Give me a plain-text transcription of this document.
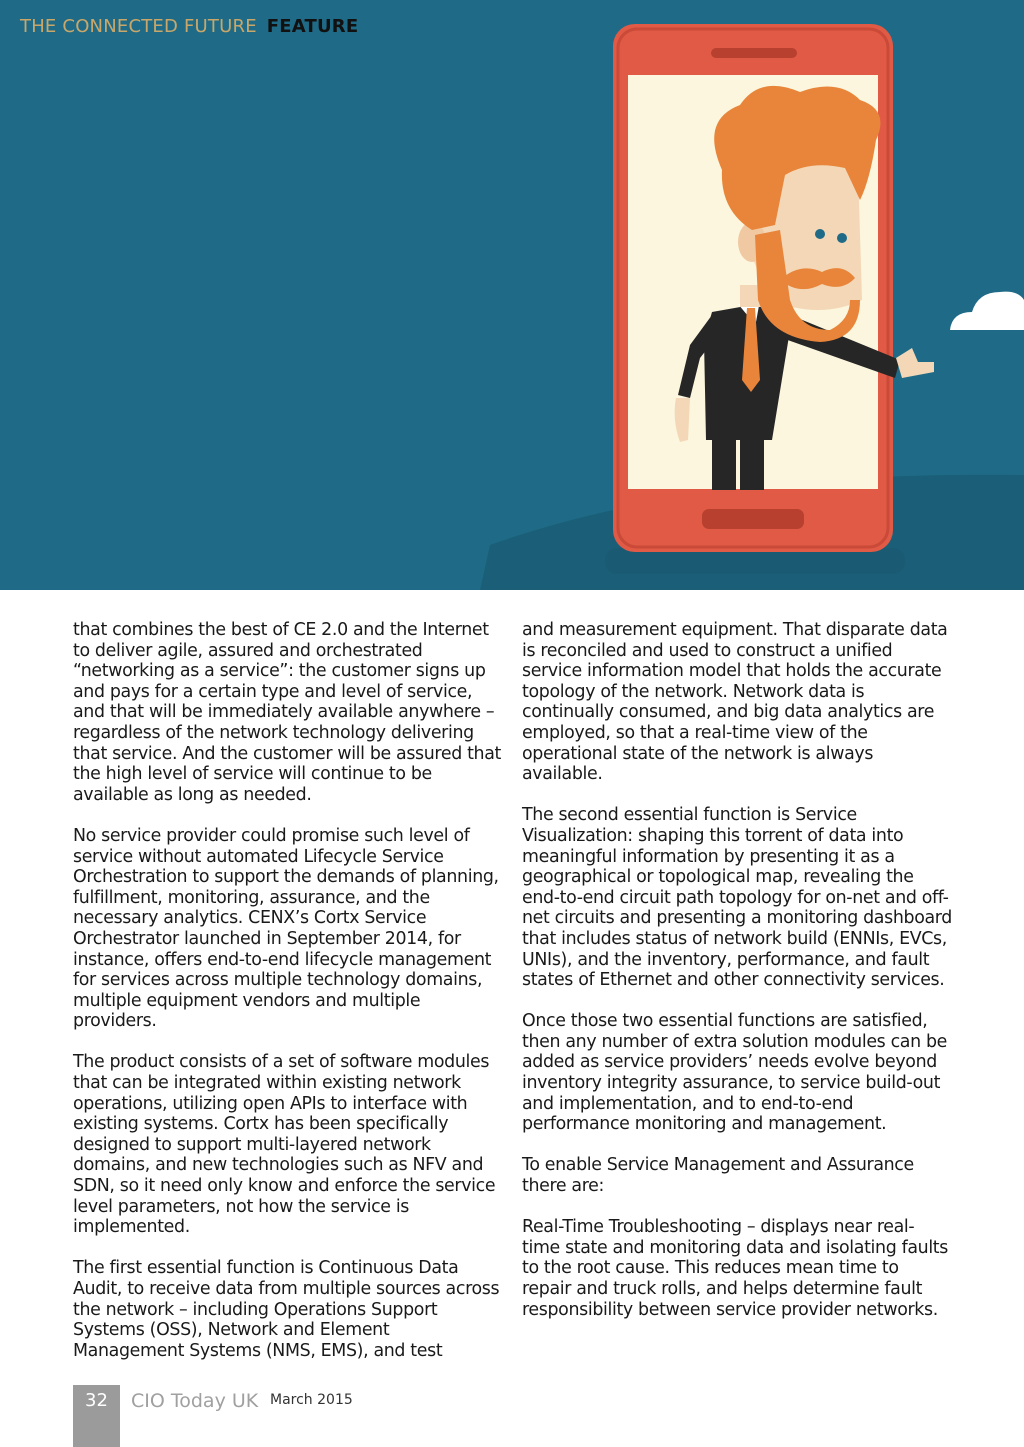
THE CONNECTED FUTURE FEATURE

that combines the best of CE 2.0 and the Internet to deliver agile, assured and orchestrated “networking as a service”: the customer signs up and pays for a certain type and level of service, and that will be immediately available anywhere – regardless of the network technology delivering that service. And the customer will be assured that the high level of service will continue to be available as long as needed.

No service provider could promise such level of service without automated Lifecycle Service Orchestration to support the demands of planning, fulfillment, monitoring, assurance, and the necessary analytics. CENX’s Cortx Service Orchestrator launched in September 2014, for instance, offers end-to-end lifecycle management for services across multiple technology domains, multiple equipment vendors and multiple providers.

The product consists of a set of software modules that can be integrated within existing network operations, utilizing open APIs to interface with existing systems. Cortx has been specifically designed to support multi-layered network domains, and new technologies such as NFV and SDN, so it need only know and enforce the service level parameters, not how the service is implemented.

The first essential function is Continuous Data Audit, to receive data from multiple sources across the network – including Operations Support Systems (OSS), Network and Element Management Systems (NMS, EMS), and test

and measurement equipment. That disparate data is reconciled and used to construct a unified service information model that holds the accurate topology of the network. Network data is continually consumed, and big data analytics are employed, so that a real-time view of the operational state of the network is always available.

The second essential function is Service Visualization: shaping this torrent of data into meaningful information by presenting it as a geographical or topological map, revealing the end-to-end circuit path topology for on-net and off-net circuits and presenting a monitoring dashboard that includes status of network build (ENNIs, EVCs, UNIs), and the inventory, performance, and fault states of Ethernet and other connectivity services.

Once those two essential functions are satisfied, then any number of extra solution modules can be added as service providers’ needs evolve beyond inventory integrity assurance, to service build-out and implementation, and to end-to-end performance monitoring and management.

To enable Service Management and Assurance there are:

Real-Time Troubleshooting – displays near real-time state and monitoring data and isolating faults to the root cause. This reduces mean time to repair and truck rolls, and helps determine fault responsibility between service provider networks.

32	CIO Today UK March 2015
